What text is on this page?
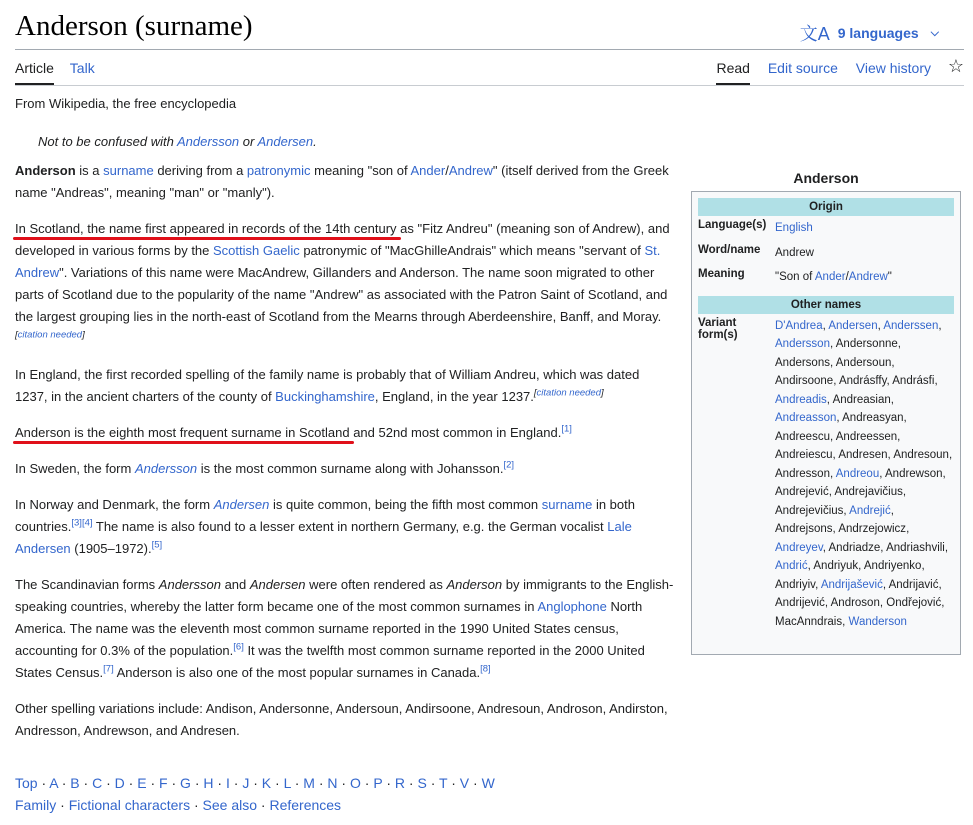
Anderson (surname)	文A 9 languages ⌵
Article Talk	Read Edit source View history ☆
From Wikipedia, the free encyclopedia
Not to be confused with Andersson or Andersen.
Anderson
Origin
Language(s) English
Word/name	Andrew
Meaning	"Son of Ander/Andrew"
Other names
Variant form(s)
D'Andrea, Andersen, Anderssen, Andersson, Andersonne, Andersons, Andersoun, Andirsoone, Andrásffy, Andrásfi, Andreadis, Andreasian, Andreasson, Andreasyan, Andreescu, Andreessen, Andreiescu, Andresen, Andresoun, Andresson, Andreou, Andrewson, Andrejević, Andrejavičius, Andrejevičius, Andrejić, Andrejsons, Andrzejowicz, Andreyev, Andriadze, Andriashvili, Andrić, Andriyuk, Andriyenko, Andriyiv, Andrijašević, Andrijavić, Andrijević, Androson, Ondřejović, MacAnndrais, Wanderson

Anderson is a surname deriving from a patronymic meaning "son of Ander/Andrew" (itself derived from the Greek name "Andreas", meaning "man" or "manly").

In Scotland, the name first appeared in records of the 14th century as "Fitz Andreu" (meaning son of Andrew), and developed in various forms by the Scottish Gaelic patronymic of "MacGhilleAndrais" which means "servant of St. Andrew". Variations of this name were MacAndrew, Gillanders and Anderson. The name soon migrated to other parts of Scotland due to the popularity of the name "Andrew" as associated with the Patron Saint of Scotland, and the largest grouping lies in the north-east of Scotland from the Mearns through Aberdeenshire, Banff, and Moray.[citation needed]

In England, the first recorded spelling of the family name is probably that of William Andreu, which was dated 1237, in the ancient charters of the county of Buckinghamshire, England, in the year 1237.[citation needed]

Anderson is the eighth most frequent surname in Scotland and 52nd most common in England.[1]

In Sweden, the form Andersson is the most common surname along with Johansson.[2]

In Norway and Denmark, the form Andersen is quite common, being the fifth most common surname in both countries.[3][4] The name is also found to a lesser extent in northern Germany, e.g. the German vocalist Lale Andersen (1905–1972).[5]

The Scandinavian forms Andersson and Andersen were often rendered as Anderson by immigrants to the English-speaking countries, whereby the latter form became one of the most common surnames in Anglophone North America. The name was the eleventh most common surname reported in the 1990 United States census, accounting for 0.3% of the population.[6] It was the twelfth most common surname reported in the 2000 United States Census.[7] Anderson is also one of the most popular surnames in Canada.[8]

Other spelling variations include: Andison, Andersonne, Andersoun, Andirsoone, Andresoun, Androson, Andirston, Andresson, Andrewson, and Andresen.

Top · A · B · C · D · E · F · G · H · I · J · K · L · M · N · O · P · R · S · T · V · W
Family · Fictional characters · See also · References
